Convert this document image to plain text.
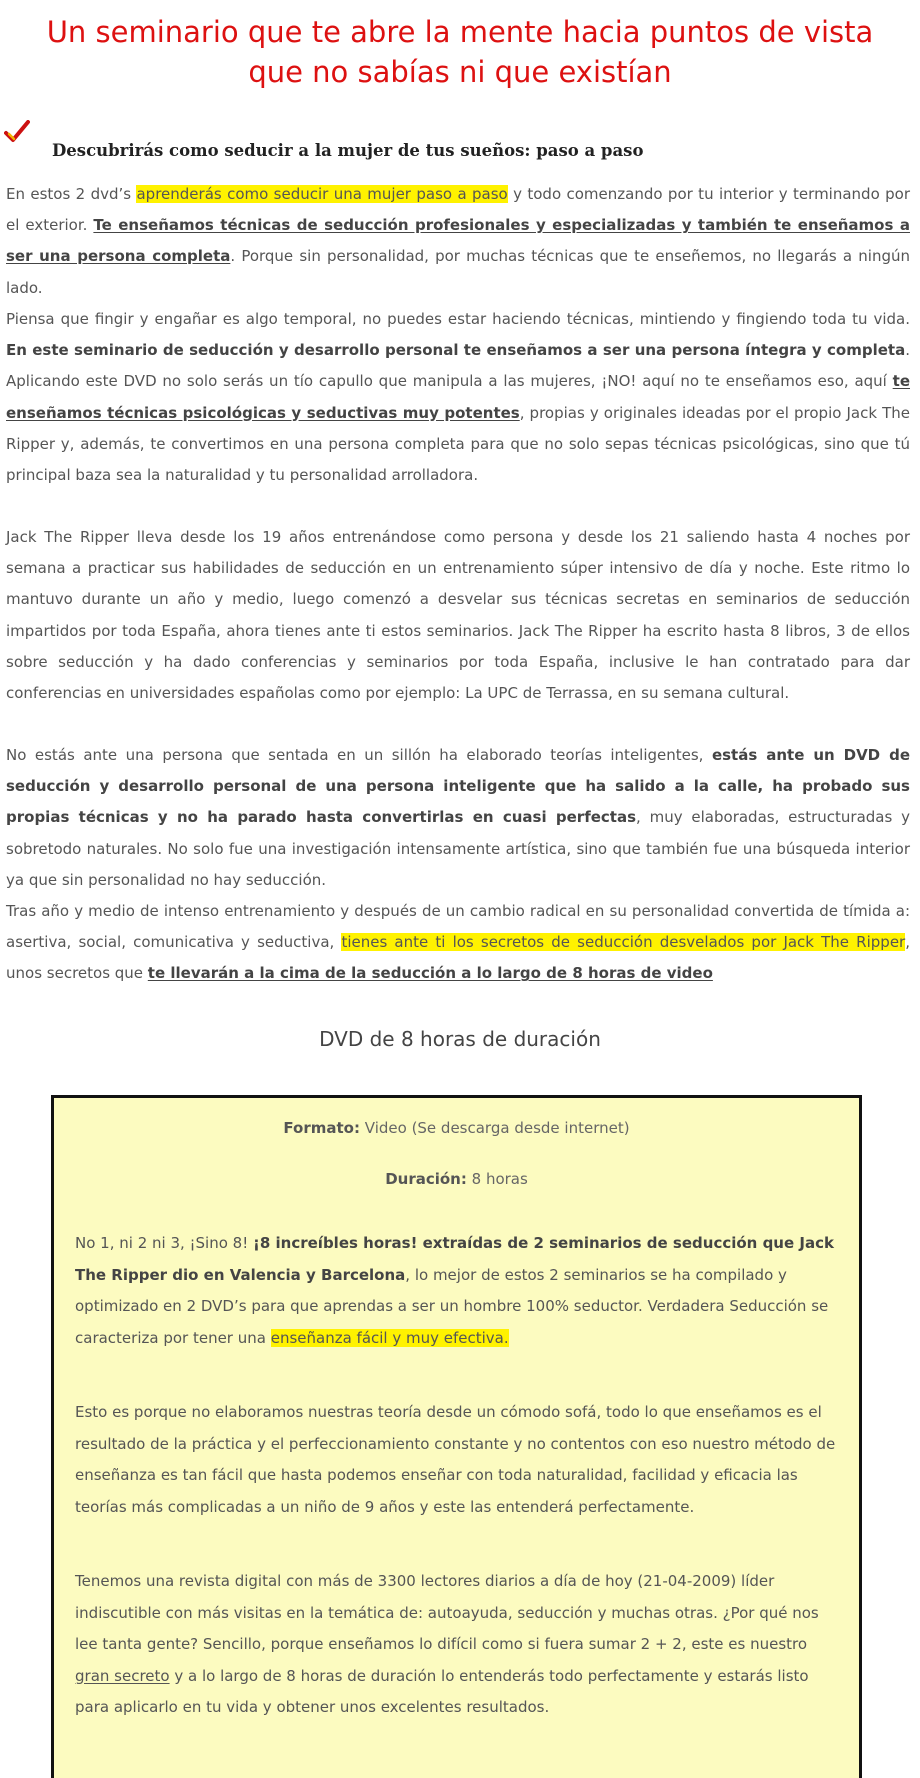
Un seminario que te abre la mente hacia puntos de vista que no sabías ni que existían
Descubrirás como seducir a la mujer de tus sueños: paso a paso

En estos 2 dvd’s aprenderás como seducir una mujer paso a paso y todo comenzando por tu interior y terminando por el exterior. Te enseñamos técnicas de seducción profesionales y especializadas y también te enseñamos a ser una persona completa. Porque sin personalidad, por muchas técnicas que te enseñemos, no llegarás a ningún lado.

Piensa que fingir y engañar es algo temporal, no puedes estar haciendo técnicas, mintiendo y fingiendo toda tu vida. En este seminario de seducción y desarrollo personal te enseñamos a ser una persona íntegra y completa. Aplicando este DVD no solo serás un tío capullo que manipula a las mujeres, ¡NO! aquí no te enseñamos eso, aquí te enseñamos técnicas psicológicas y seductivas muy potentes, propias y originales ideadas por el propio Jack The Ripper y, además, te convertimos en una persona completa para que no solo sepas técnicas psicológicas, sino que tú principal baza sea la naturalidad y tu personalidad arrolladora.

Jack The Ripper lleva desde los 19 años entrenándose como persona y desde los 21 saliendo hasta 4 noches por semana a practicar sus habilidades de seducción en un entrenamiento súper intensivo de día y noche. Este ritmo lo mantuvo durante un año y medio, luego comenzó a desvelar sus técnicas secretas en seminarios de seducción impartidos por toda España, ahora tienes ante ti estos seminarios. Jack The Ripper ha escrito hasta 8 libros, 3 de ellos sobre seducción y ha dado conferencias y seminarios por toda España, inclusive le han contratado para dar conferencias en universidades españolas como por ejemplo: La UPC de Terrassa, en su semana cultural.

No estás ante una persona que sentada en un sillón ha elaborado teorías inteligentes, estás ante un DVD de seducción y desarrollo personal de una persona inteligente que ha salido a la calle, ha probado sus propias técnicas y no ha parado hasta convertirlas en cuasi perfectas, muy elaboradas, estructuradas y sobretodo naturales. No solo fue una investigación intensamente artística, sino que también fue una búsqueda interior ya que sin personalidad no hay seducción.

Tras año y medio de intenso entrenamiento y después de un cambio radical en su personalidad convertida de tímida a: asertiva, social, comunicativa y seductiva, tienes ante ti los secretos de seducción desvelados por Jack The Ripper, unos secretos que te llevarán a la cima de la seducción a lo largo de 8 horas de video

DVD de 8 horas de duración
Formato: Video (Se descarga desde internet)
Duración: 8 horas

No 1, ni 2 ni 3, ¡Sino 8! ¡8 increíbles horas! extraídas de 2 seminarios de seducción que Jack The Ripper dio en Valencia y Barcelona, lo mejor de estos 2 seminarios se ha compilado y optimizado en 2 DVD’s para que aprendas a ser un hombre 100% seductor. Verdadera Seducción se caracteriza por tener una enseñanza fácil y muy efectiva.

Esto es porque no elaboramos nuestras teoría desde un cómodo sofá, todo lo que enseñamos es el resultado de la práctica y el perfeccionamiento constante y no contentos con eso nuestro método de enseñanza es tan fácil que hasta podemos enseñar con toda naturalidad, facilidad y eficacia las teorías más complicadas a un niño de 9 años y este las entenderá perfectamente.

Tenemos una revista digital con más de 3300 lectores diarios a día de hoy (21-04-2009) líder indiscutible con más visitas en la temática de: autoayuda, seducción y muchas otras. ¿Por qué nos lee tanta gente? Sencillo, porque enseñamos lo difícil como si fuera sumar 2 + 2, este es nuestro gran secreto y a lo largo de 8 horas de duración lo entenderás todo perfectamente y estarás listo para aplicarlo en tu vida y obtener unos excelentes resultados.
